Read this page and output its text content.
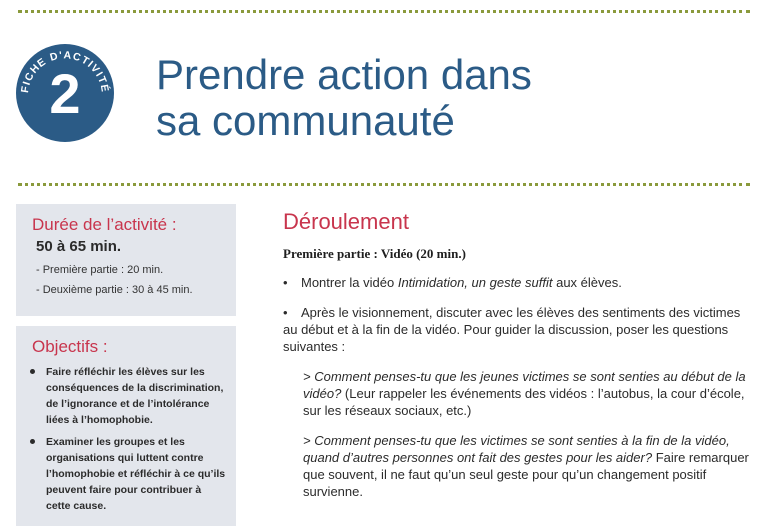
FICHE D'ACTIVITÉ
2	Prendre action dans
sa communauté
Durée de l’activité :
50 à 65 min.
- Première partie : 20 min.
- Deuxième partie : 30 à 45 min.
Objectifs :
Faire réfléchir les élèves sur les conséquences de la discrimination, de l’ignorance et de l’intolérance liées à l’homophobie.
Examiner les groupes et les organisations qui luttent contre l’homophobie et réfléchir à ce qu’ils peuvent faire pour contribuer à cette cause.
Déroulement
Première partie : Vidéo (20 min.)
• Montrer la vidéo Intimidation, un geste suffit aux élèves.
• Après le visionnement, discuter avec les élèves des sentiments des victimes au début et à la fin de la vidéo. Pour guider la discussion, poser les questions suivantes :
> Comment penses-tu que les jeunes victimes se sont senties au début de la vidéo? (Leur rappeler les événements des vidéos : l’autobus, la cour d’école, sur les réseaux sociaux, etc.)
> Comment penses-tu que les victimes se sont senties à la fin de la vidéo, quand d’autres personnes ont fait des gestes pour les aider? Faire remarquer que souvent, il ne faut qu’un seul geste pour qu’un changement positif survienne.
